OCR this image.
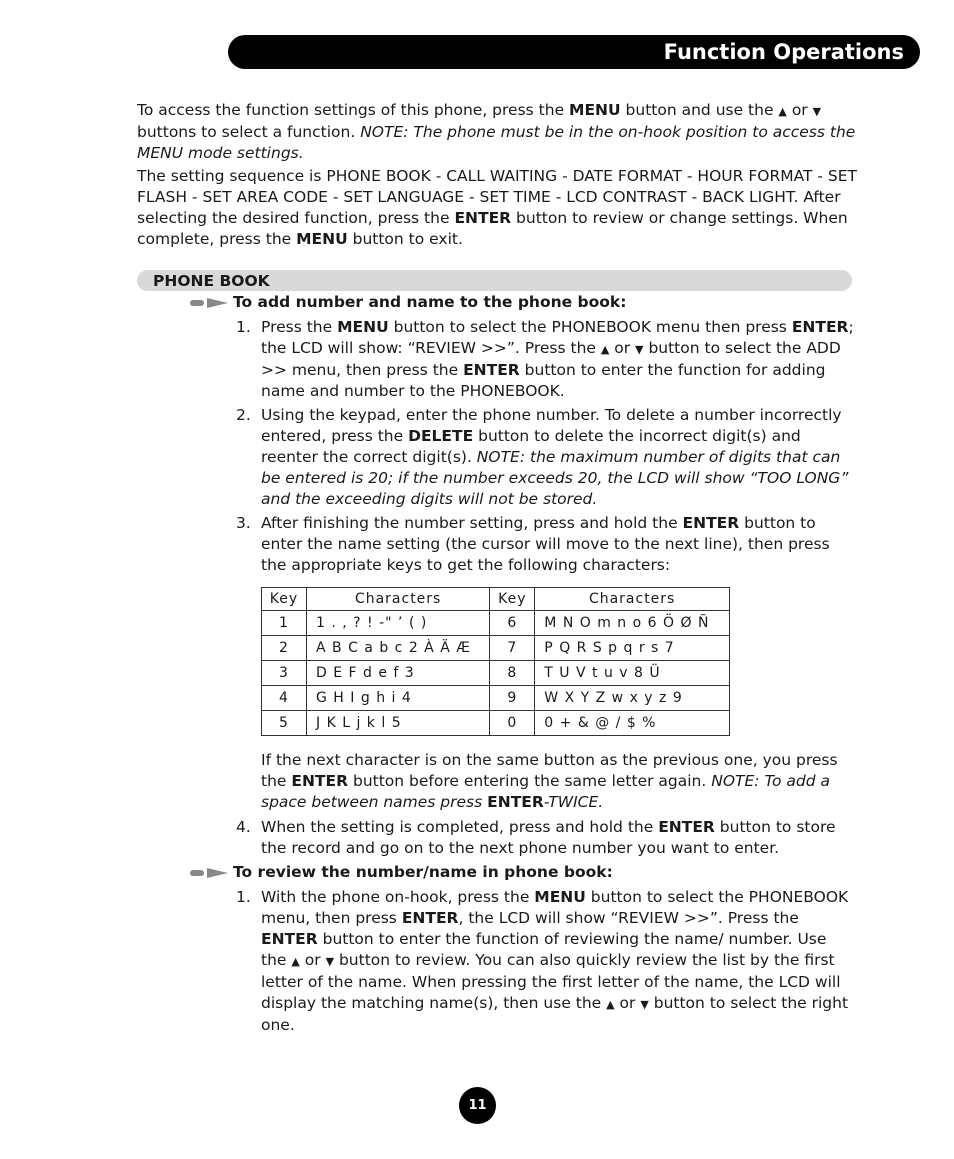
Function Operations
To access the function settings of this phone, press the MENU button and use the ▲ or ▼ buttons to select a function. NOTE: The phone must be in the on-hook position to access the MENU mode settings.
The setting sequence is PHONE BOOK - CALL WAITING - DATE FORMAT - HOUR FORMAT - SET FLASH - SET AREA CODE - SET LANGUAGE - SET TIME - LCD CONTRAST - BACK LIGHT. After selecting the desired function, press the ENTER button to review or change settings. When complete, press the MENU button to exit.
PHONE BOOK
To add number and name to the phone book:
1. Press the MENU button to select the PHONEBOOK menu then press ENTER; the LCD will show: “REVIEW >>”. Press the ▲ or ▼ button to select the ADD >> menu, then press the ENTER button to enter the function for adding name and number to the PHONEBOOK.
2. Using the keypad, enter the phone number. To delete a number incorrectly entered, press the DELETE button to delete the incorrect digit(s) and reenter the correct digit(s). NOTE: the maximum number of digits that can be entered is 20; if the number exceeds 20, the LCD will show “TOO LONG” and the exceeding digits will not be stored.
3. After finishing the number setting, press and hold the ENTER button to enter the name setting (the cursor will move to the next line), then press the appropriate keys to get the following characters:
Key	Characters	Key	Characters
1	1 . , ? ! -" ’ ( )	6	M N O m n o 6 Ö Ø Ñ
2	A B C a b c 2 À Ä Æ	7	P Q R S p q r s 7
3	D E F d e f 3	8	T U V t u v 8 Ü
4	G H I g h i 4	9	W X Y Z w x y z 9
5	J K L j k l 5	0	0 + & @ / $ %
If the next character is on the same button as the previous one, you press the ENTER button before entering the same letter again. NOTE: To add a space between names press ENTER-TWICE.
4. When the setting is completed, press and hold the ENTER button to store the record and go on to the next phone number you want to enter.
To review the number/name in phone book:
1. With the phone on-hook, press the MENU button to select the PHONEBOOK menu, then press ENTER, the LCD will show “REVIEW >>”. Press the ENTER button to enter the function of reviewing the name/ number. Use the ▲ or ▼ button to review. You can also quickly review the list by the first letter of the name. When pressing the first letter of the name, the LCD will display the matching name(s), then use the ▲ or ▼ button to select the right one.
11
